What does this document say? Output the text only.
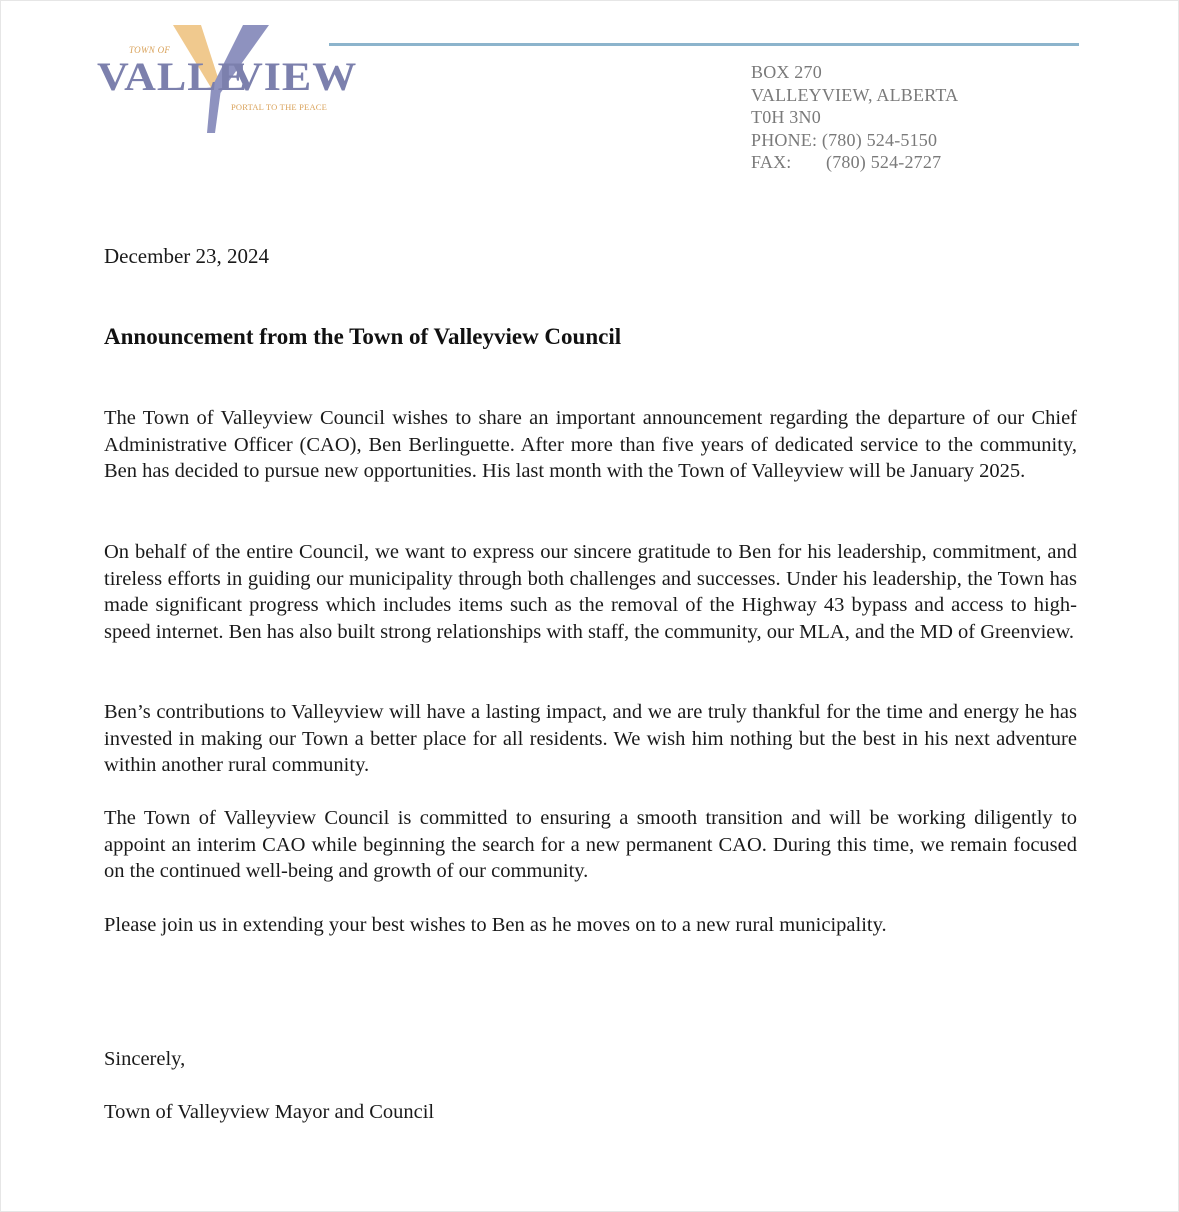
TOWN OF
VALLE
VIEW
PORTAL TO THE PEACE
BOX 270
VALLEYVIEW, ALBERTA
T0H 3N0
PHONE: (780) 524-5150
FAX: (780) 524-2727
December 23, 2024
Announcement from the Town of Valleyview Council

The Town of Valleyview Council wishes to share an important announcement regarding the departure of our Chief Administrative Officer (CAO), Ben Berlinguette. After more than five years of dedicated service to the community, Ben has decided to pursue new opportunities. His last month with the Town of Valleyview will be January 2025.

On behalf of the entire Council, we want to express our sincere gratitude to Ben for his leadership, commitment, and tireless efforts in guiding our municipality through both challenges and successes. Under his leadership, the Town has made significant progress which includes items such as the removal of the Highway 43 bypass and access to high-speed internet. Ben has also built strong relationships with staff, the community, our MLA, and the MD of Greenview.

Ben’s contributions to Valleyview will have a lasting impact, and we are truly thankful for the time and energy he has invested in making our Town a better place for all residents. We wish him nothing but the best in his next adventure within another rural community.

The Town of Valleyview Council is committed to ensuring a smooth transition and will be working diligently to appoint an interim CAO while beginning the search for a new permanent CAO. During this time, we remain focused on the continued well-being and growth of our community.

Please join us in extending your best wishes to Ben as he moves on to a new rural municipality.

Sincerely,
Town of Valleyview Mayor and Council
